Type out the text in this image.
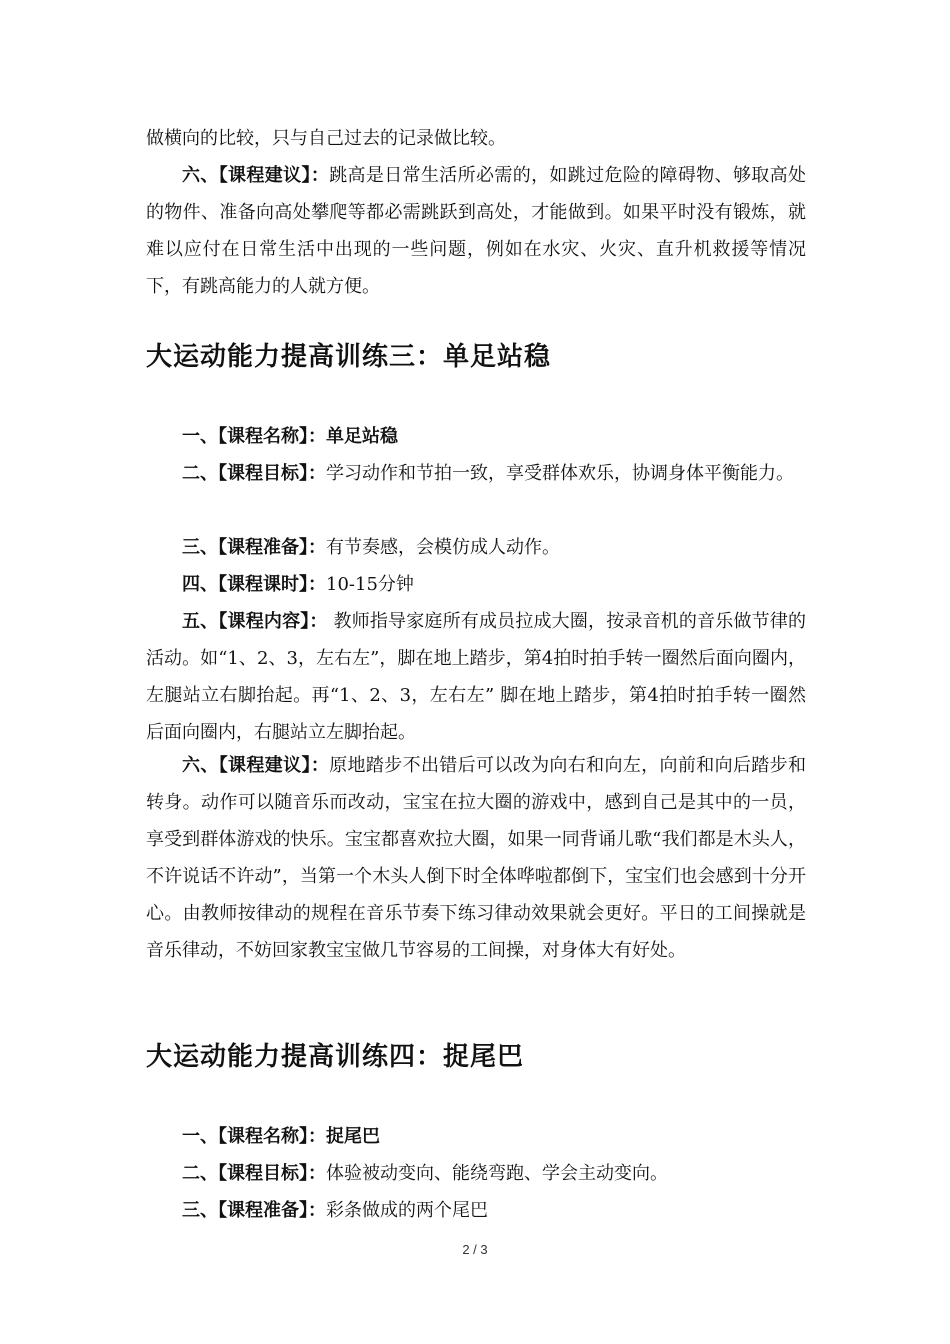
做横向的比较，只与自己过去的记录做比较。

六、【课程建议】：跳高是日常生活所必需的，如跳过危险的障碍物、够取高处的物件、准备向高处攀爬等都必需跳跃到高处，才能做到。如果平时没有锻炼，就难以应付在日常生活中出现的一些问题，例如在水灾、火灾、直升机救援等情况下，有跳高能力的人就方便。

大运动能力提高训练三：单足站稳

一、【课程名称】：单足站稳

二、【课程目标】：学习动作和节拍一致，享受群体欢乐，协调身体平衡能力。

三、【课程准备】：有节奏感，会模仿成人动作。

四、【课程课时】：10-15分钟

五、【课程内容】： 教师指导家庭所有成员拉成大圈，按录音机的音乐做节律的活动。如“1、2、3，左右左”，脚在地上踏步，第4拍时拍手转一圈然后面向圈内，左腿站立右脚抬起。再“1、2、3，左右左” 脚在地上踏步，第4拍时拍手转一圈然后面向圈内，右腿站立左脚抬起。

六、【课程建议】：原地踏步不出错后可以改为向右和向左，向前和向后踏步和转身。动作可以随音乐而改动，宝宝在拉大圈的游戏中，感到自己是其中的一员，享受到群体游戏的快乐。宝宝都喜欢拉大圈，如果一同背诵儿歌“我们都是木头人，不许说话不许动”，当第一个木头人倒下时全体哗啦都倒下，宝宝们也会感到十分开心。由教师按律动的规程在音乐节奏下练习律动效果就会更好。平日的工间操就是音乐律动，不妨回家教宝宝做几节容易的工间操，对身体大有好处。

大运动能力提高训练四：捉尾巴

一、【课程名称】：捉尾巴

二、【课程目标】：体验被动变向、能绕弯跑、学会主动变向。

三、【课程准备】：彩条做成的两个尾巴

2 / 3
